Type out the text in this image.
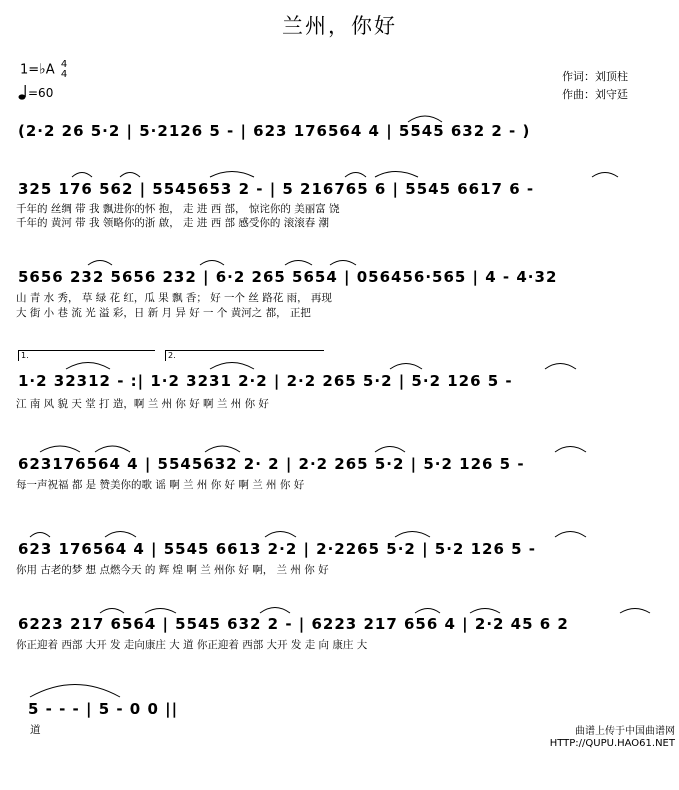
兰州，你好
1=♭A 4
4
=60
作词：刘顶柱
作曲：刘守廷
(2·2 26 5·2 | 5·2126 5 - | 623 176564 4 | 5545 632 2 - )
325 176 562 | 5545653 2 - | 5 216765 6 | 5545 6617 6 -
千年的 丝绸 带 我 飘进你的怀 抱， 走 进 西 部， 惊诧你的 美丽富 饶
千年的 黄河 带 我 领略你的浙 啟， 走 进 西 部 感受你的 滚滚春 潮
5656 232 5656 232 | 6·2 265 5654 | 056456·565 | 4 - 4·32
山 青 水 秀， 草 绿 花 红，瓜 果 飘 香； 好 一个 丝 路花 雨， 再现
大 街 小 巷 流 光 溢 彩，日 新 月 异 好 一 个 黄河之 都， 正把
1.	2.
1·2 32312 - :| 1·2 3231 2·2 | 2·2 265 5·2 | 5·2 126 5 -
江 南 风 貌 天 堂 打 造，啊 兰 州 你 好 啊 兰 州 你 好
623176564 4 | 5545632 2· 2 | 2·2 265 5·2 | 5·2 126 5 -
每一声祝福 都 是 赞美你的歌 谣 啊 兰 州 你 好 啊 兰 州 你 好
623 176564 4 | 5545 6613 2·2 | 2·2265 5·2 | 5·2 126 5 -
你用 古老的梦 想 点燃今天 的 辉 煌 啊 兰 州你 好 啊， 兰 州 你 好
6223 217 6564 | 5545 632 2 - | 6223 217 656 4 | 2·2 45 6 2
你正迎着 西部 大开 发 走向康庄 大 道 你正迎着 西部 大开 发 走 向 康庄 大
5 - - - | 5 - 0 0 ||
道	曲谱上传于中国曲谱网
HTTP://QUPU.HAO61.NET
